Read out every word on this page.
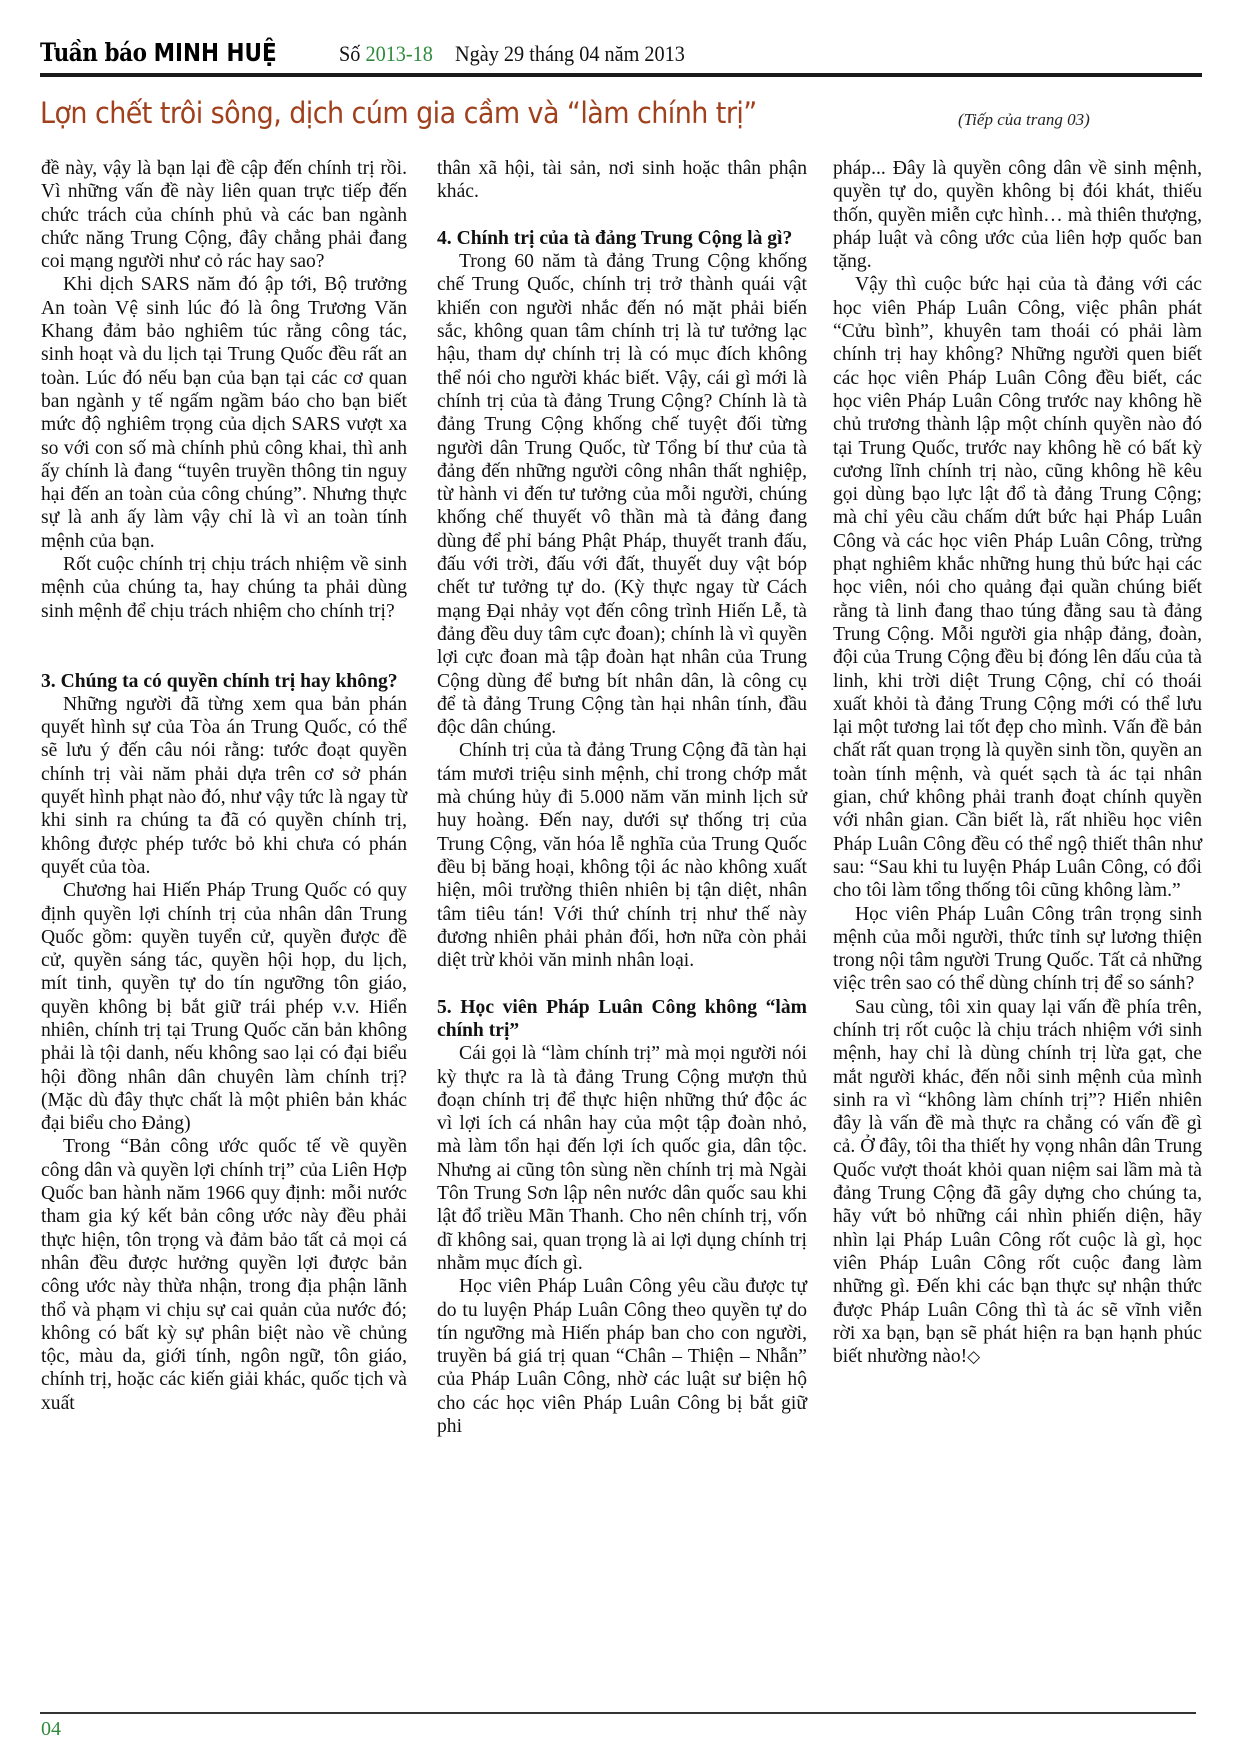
Tuần báo MINH HUỆ	Số 2013-18 Ngày 29 tháng 04 năm 2013
Lợn chết trôi sông, dịch cúm gia cầm và “làm chính trị”	(Tiếp của trang 03)

đề này, vậy là bạn lại đề cập đến chính trị rồi. Vì những vấn đề này liên quan trực tiếp đến chức trách của chính phủ và các ban ngành chức năng Trung Cộng, đây chẳng phải đang coi mạng người như cỏ rác hay sao?

Khi dịch SARS năm đó ập tới, Bộ trưởng An toàn Vệ sinh lúc đó là ông Trương Văn Khang đảm bảo nghiêm túc rằng công tác, sinh hoạt và du lịch tại Trung Quốc đều rất an toàn. Lúc đó nếu bạn của bạn tại các cơ quan ban ngành y tế ngấm ngầm báo cho bạn biết mức độ nghiêm trọng của dịch SARS vượt xa so với con số mà chính phủ công khai, thì anh ấy chính là đang “tuyên truyền thông tin nguy hại đến an toàn của công chúng”. Nhưng thực sự là anh ấy làm vậy chỉ là vì an toàn tính mệnh của bạn.

Rốt cuộc chính trị chịu trách nhiệm về sinh mệnh của chúng ta, hay chúng ta phải dùng sinh mệnh để chịu trách nhiệm cho chính trị?

3. Chúng ta có quyền chính trị hay không?

Những người đã từng xem qua bản phán quyết hình sự của Tòa án Trung Quốc, có thể sẽ lưu ý đến câu nói rằng: tước đoạt quyền chính trị vài năm phải dựa trên cơ sở phán quyết hình phạt nào đó, như vậy tức là ngay từ khi sinh ra chúng ta đã có quyền chính trị, không được phép tước bỏ khi chưa có phán quyết của tòa.

Chương hai Hiến Pháp Trung Quốc có quy định quyền lợi chính trị của nhân dân Trung Quốc gồm: quyền tuyển cử, quyền được đề cử, quyền sáng tác, quyền hội họp, du lịch, mít tinh, quyền tự do tín ngưỡng tôn giáo, quyền không bị bắt giữ trái phép v.v. Hiển nhiên, chính trị tại Trung Quốc căn bản không phải là tội danh, nếu không sao lại có đại biểu hội đồng nhân dân chuyên làm chính trị? (Mặc dù đây thực chất là một phiên bản khác đại biểu cho Đảng)

Trong “Bản công ước quốc tế về quyền công dân và quyền lợi chính trị” của Liên Hợp Quốc ban hành năm 1966 quy định: mỗi nước tham gia ký kết bản công ước này đều phải thực hiện, tôn trọng và đảm bảo tất cả mọi cá nhân đều được hưởng quyền lợi được bản công ước này thừa nhận, trong địa phận lãnh thổ và phạm vi chịu sự cai quản của nước đó; không có bất kỳ sự phân biệt nào về chủng tộc, màu da, giới tính, ngôn ngữ, tôn giáo, chính trị, hoặc các kiến giải khác, quốc tịch và xuất

thân xã hội, tài sản, nơi sinh hoặc thân phận khác.

4. Chính trị của tà đảng Trung Cộng là gì?

Trong 60 năm tà đảng Trung Cộng khống chế Trung Quốc, chính trị trở thành quái vật khiến con người nhắc đến nó mặt phải biến sắc, không quan tâm chính trị là tư tưởng lạc hậu, tham dự chính trị là có mục đích không thể nói cho người khác biết. Vậy, cái gì mới là chính trị của tà đảng Trung Cộng? Chính là tà đảng Trung Cộng khống chế tuyệt đối từng người dân Trung Quốc, từ Tổng bí thư của tà đảng đến những người công nhân thất nghiệp, từ hành vi đến tư tưởng của mỗi người, chúng khống chế thuyết vô thần mà tà đảng đang dùng để phỉ báng Phật Pháp, thuyết tranh đấu, đấu với trời, đấu với đất, thuyết duy vật bóp chết tư tưởng tự do. (Kỳ thực ngay từ Cách mạng Đại nhảy vọt đến công trình Hiến Lễ, tà đảng đều duy tâm cực đoan); chính là vì quyền lợi cực đoan mà tập đoàn hạt nhân của Trung Cộng dùng để bưng bít nhân dân, là công cụ để tà đảng Trung Cộng tàn hại nhân tính, đầu độc dân chúng.

Chính trị của tà đảng Trung Cộng đã tàn hại tám mươi triệu sinh mệnh, chỉ trong chớp mắt mà chúng hủy đi 5.000 năm văn minh lịch sử huy hoàng. Đến nay, dưới sự thống trị của Trung Cộng, văn hóa lễ nghĩa của Trung Quốc đều bị băng hoại, không tội ác nào không xuất hiện, môi trường thiên nhiên bị tận diệt, nhân tâm tiêu tán! Với thứ chính trị như thế này đương nhiên phải phản đối, hơn nữa còn phải diệt trừ khỏi văn minh nhân loại.

5. Học viên Pháp Luân Công không “làm chính trị”

Cái gọi là “làm chính trị” mà mọi người nói kỳ thực ra là tà đảng Trung Cộng mượn thủ đoạn chính trị để thực hiện những thứ độc ác vì lợi ích cá nhân hay của một tập đoàn nhỏ, mà làm tổn hại đến lợi ích quốc gia, dân tộc. Nhưng ai cũng tôn sùng nền chính trị mà Ngài Tôn Trung Sơn lập nên nước dân quốc sau khi lật đổ triều Mãn Thanh. Cho nên chính trị, vốn dĩ không sai, quan trọng là ai lợi dụng chính trị nhằm mục đích gì.

Học viên Pháp Luân Công yêu cầu được tự do tu luyện Pháp Luân Công theo quyền tự do tín ngưỡng mà Hiến pháp ban cho con người, truyền bá giá trị quan “Chân – Thiện – Nhẫn” của Pháp Luân Công, nhờ các luật sư biện hộ cho các học viên Pháp Luân Công bị bắt giữ phi

pháp... Đây là quyền công dân về sinh mệnh, quyền tự do, quyền không bị đói khát, thiếu thốn, quyền miễn cực hình… mà thiên thượng, pháp luật và công ước của liên hợp quốc ban tặng.

Vậy thì cuộc bức hại của tà đảng với các học viên Pháp Luân Công, việc phân phát “Cửu bình”, khuyên tam thoái có phải làm chính trị hay không? Những người quen biết các học viên Pháp Luân Công đều biết, các học viên Pháp Luân Công trước nay không hề chủ trương thành lập một chính quyền nào đó tại Trung Quốc, trước nay không hề có bất kỳ cương lĩnh chính trị nào, cũng không hề kêu gọi dùng bạo lực lật đổ tà đảng Trung Cộng; mà chỉ yêu cầu chấm dứt bức hại Pháp Luân Công và các học viên Pháp Luân Công, trừng phạt nghiêm khắc những hung thủ bức hại các học viên, nói cho quảng đại quần chúng biết rằng tà linh đang thao túng đằng sau tà đảng Trung Cộng. Mỗi người gia nhập đảng, đoàn, đội của Trung Cộng đều bị đóng lên dấu của tà linh, khi trời diệt Trung Cộng, chỉ có thoái xuất khỏi tà đảng Trung Cộng mới có thể lưu lại một tương lai tốt đẹp cho mình. Vấn đề bản chất rất quan trọng là quyền sinh tồn, quyền an toàn tính mệnh, và quét sạch tà ác tại nhân gian, chứ không phải tranh đoạt chính quyền với nhân gian. Cần biết là, rất nhiều học viên Pháp Luân Công đều có thể ngộ thiết thân như sau: “Sau khi tu luyện Pháp Luân Công, có đổi cho tôi làm tổng thống tôi cũng không làm.”

Học viên Pháp Luân Công trân trọng sinh mệnh của mỗi người, thức tỉnh sự lương thiện trong nội tâm người Trung Quốc. Tất cả những việc trên sao có thể dùng chính trị để so sánh?

Sau cùng, tôi xin quay lại vấn đề phía trên, chính trị rốt cuộc là chịu trách nhiệm với sinh mệnh, hay chỉ là dùng chính trị lừa gạt, che mắt người khác, đến nỗi sinh mệnh của mình sinh ra vì “không làm chính trị”? Hiển nhiên đây là vấn đề mà thực ra chẳng có vấn đề gì cả. Ở đây, tôi tha thiết hy vọng nhân dân Trung Quốc vượt thoát khỏi quan niệm sai lầm mà tà đảng Trung Cộng đã gây dựng cho chúng ta, hãy vứt bỏ những cái nhìn phiến diện, hãy nhìn lại Pháp Luân Công rốt cuộc là gì, học viên Pháp Luân Công rốt cuộc đang làm những gì. Đến khi các bạn thực sự nhận thức được Pháp Luân Công thì tà ác sẽ vĩnh viễn rời xa bạn, bạn sẽ phát hiện ra bạn hạnh phúc biết nhường nào!◇

04
